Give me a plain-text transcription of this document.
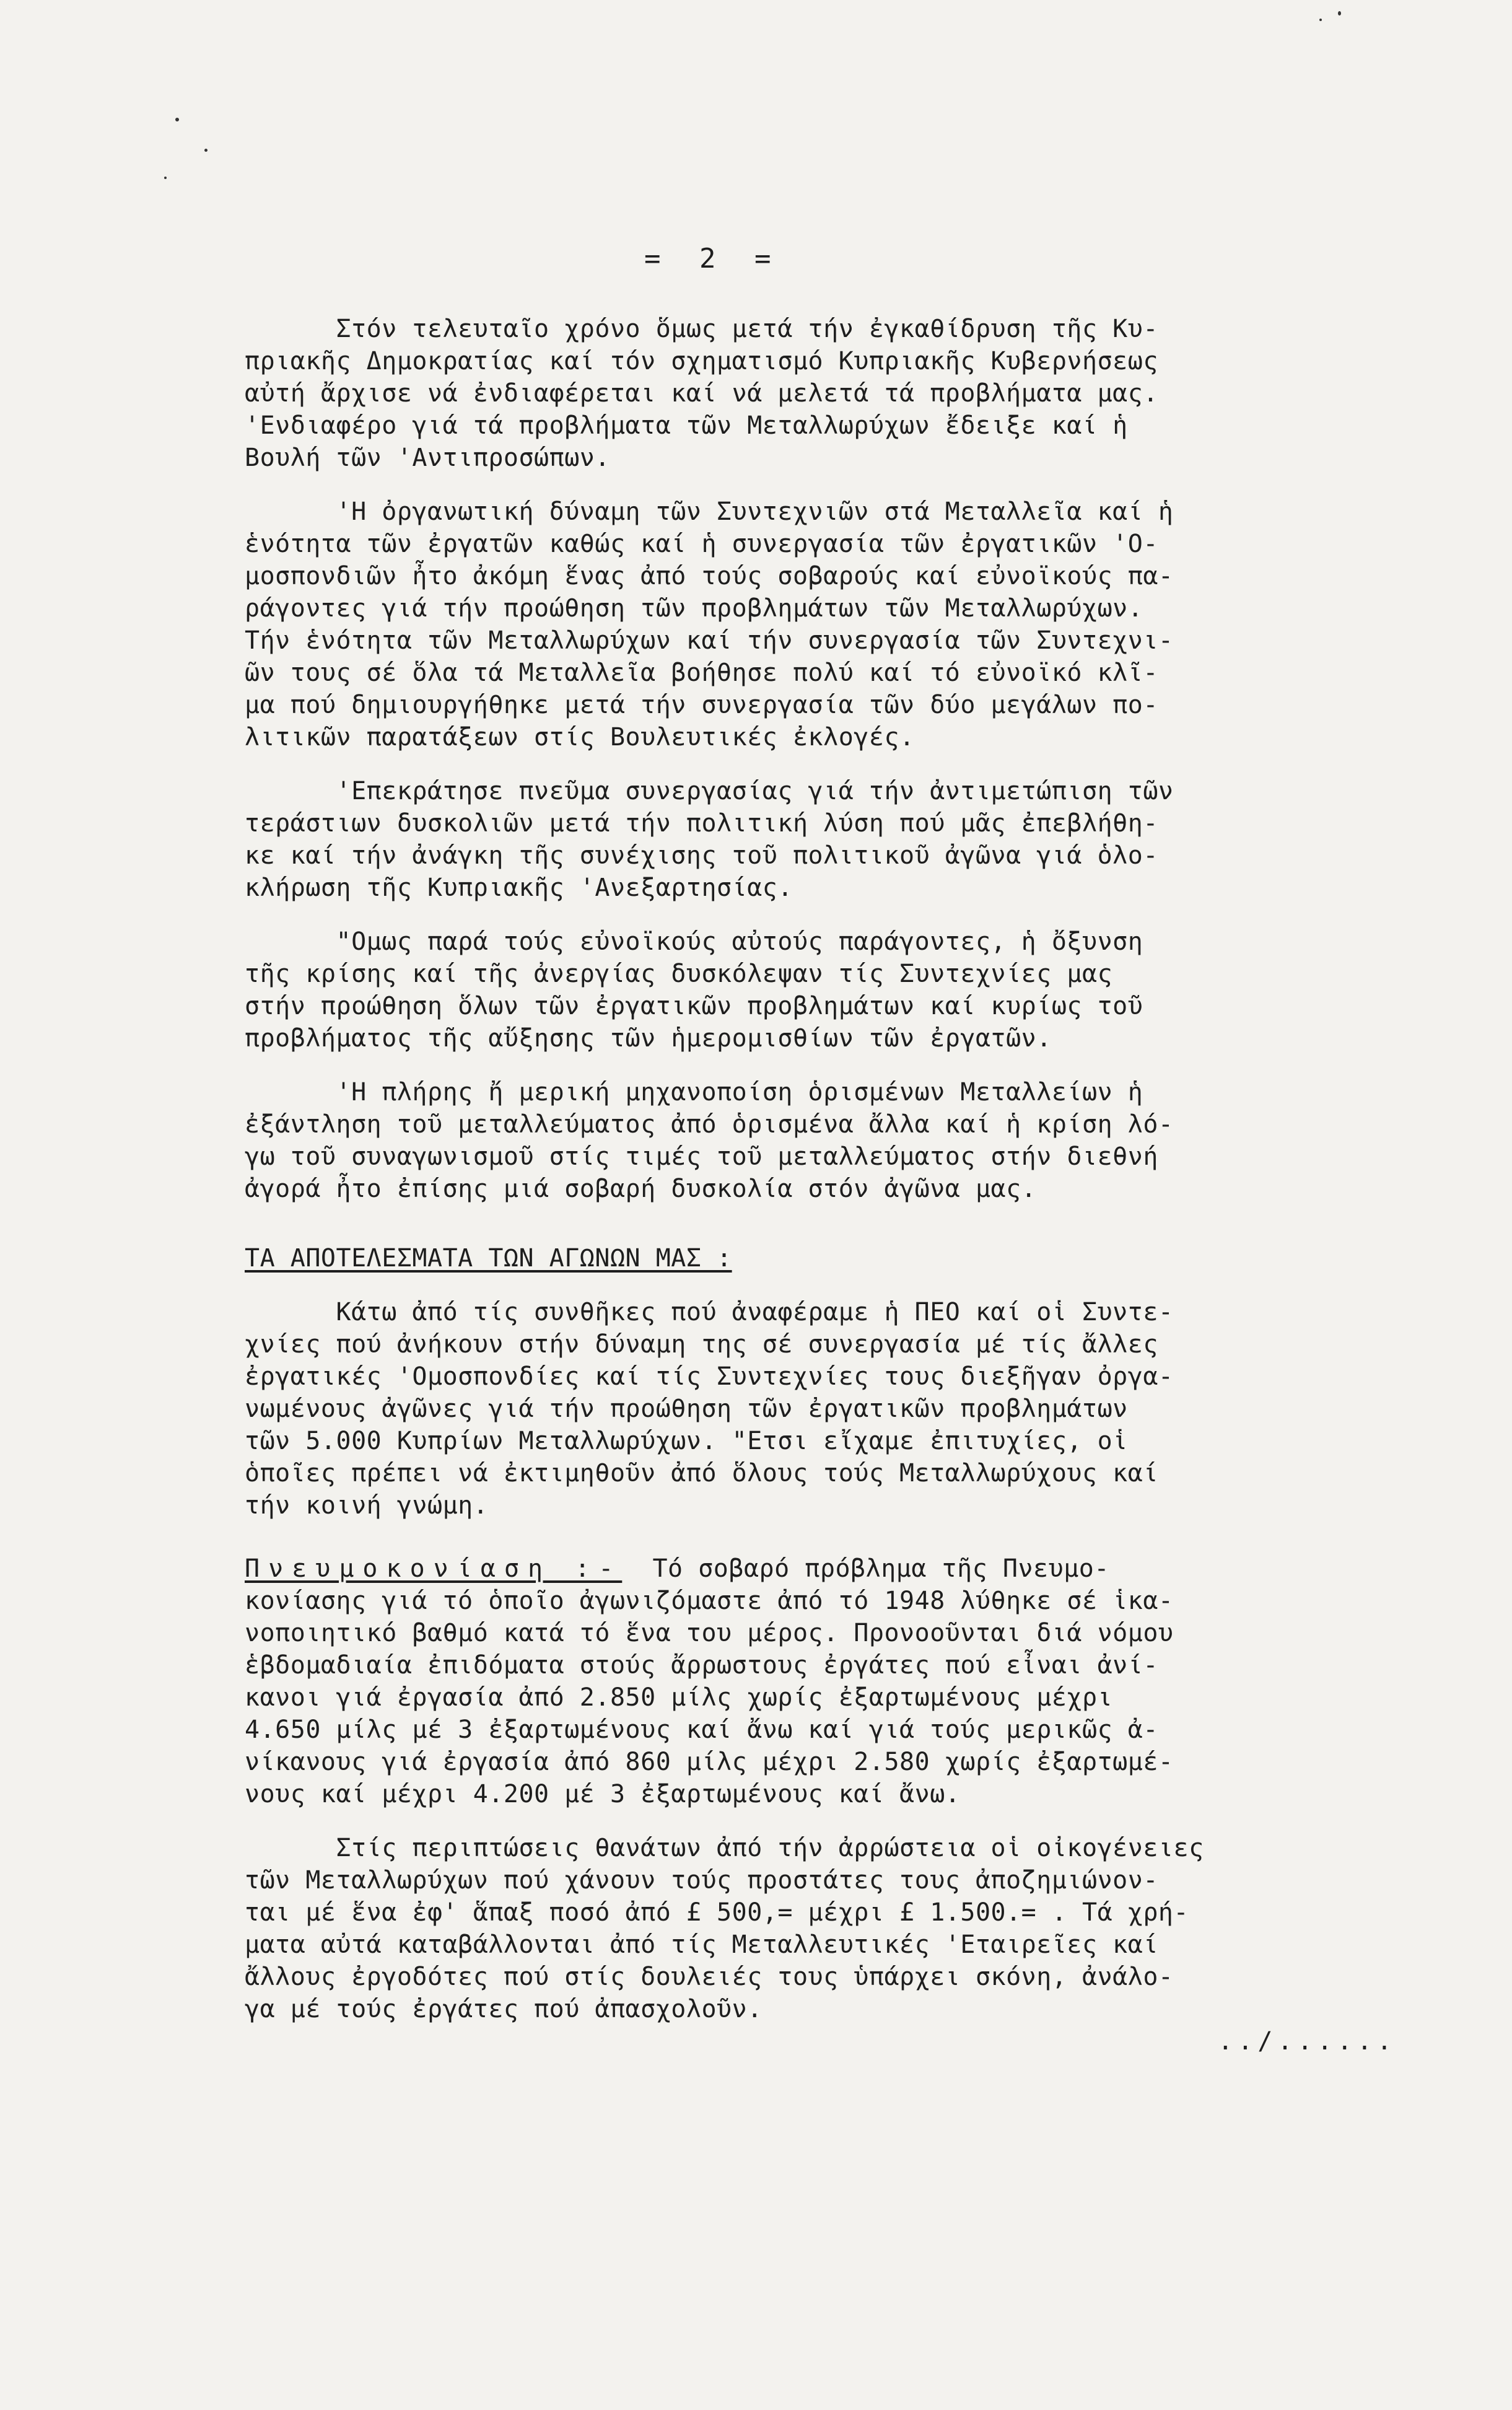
= 2 =
Στόν τελευταῖο χρόνο ὅμως μετά τήν ἐγκαθίδρυση τῆς Κυ-
πριακῆς Δημοκρατίας καί τόν σχηματισμό Κυπριακῆς Κυβερνήσεως
αὐτή ἄρχισε νά ἐνδιαφέρεται καί νά μελετά τά προβλήματα μας.
'Ενδιαφέρο γιά τά προβλήματα τῶν Μεταλλωρύχων ἔδειξε καί ἡ
Βουλή τῶν 'Αντιπροσώπων.
'Η ὀργανωτική δύναμη τῶν Συντεχνιῶν στά Μεταλλεῖα καί ἡ
ἑνότητα τῶν ἐργατῶν καθώς καί ἡ συνεργασία τῶν ἐργατικῶν 'Ο-
μοσπονδιῶν ἦτο ἀκόμη ἕνας ἀπό τούς σοβαρούς καί εὐνοϊκούς πα-
ράγοντες γιά τήν προώθηση τῶν προβλημάτων τῶν Μεταλλωρύχων.
Τήν ἑνότητα τῶν Μεταλλωρύχων καί τήν συνεργασία τῶν Συντεχνι-
ῶν τους σέ ὅλα τά Μεταλλεῖα βοήθησε πολύ καί τό εὐνοϊκό κλῖ-
μα πού δημιουργήθηκε μετά τήν συνεργασία τῶν δύο μεγάλων πο-
λιτικῶν παρατάξεων στίς Βουλευτικές ἐκλογές.
'Επεκράτησε πνεῦμα συνεργασίας γιά τήν ἀντιμετώπιση τῶν
τεράστιων δυσκολιῶν μετά τήν πολιτική λύση πού μᾶς ἐπεβλήθη-
κε καί τήν ἀνάγκη τῆς συνέχισης τοῦ πολιτικοῦ ἀγῶνα γιά ὁλο-
κλήρωση τῆς Κυπριακῆς 'Ανεξαρτησίας.
"Ομως παρά τούς εὐνοϊκούς αὐτούς παράγοντες, ἡ ὄξυνση
τῆς κρίσης καί τῆς ἀνεργίας δυσκόλεψαν τίς Συντεχνίες μας
στήν προώθηση ὅλων τῶν ἐργατικῶν προβλημάτων καί κυρίως τοῦ
προβλήματος τῆς αὔξησης τῶν ἡμερομισθίων τῶν ἐργατῶν.
'Η πλήρης ἤ μερική μηχανοποίση ὁρισμένων Μεταλλείων ἡ
ἐξάντληση τοῦ μεταλλεύματος ἀπό ὁρισμένα ἄλλα καί ἡ κρίση λό-
γω τοῦ συναγωνισμοῦ στίς τιμές τοῦ μεταλλεύματος στήν διεθνή
ἀγορά ἦτο ἐπίσης μιά σοβαρή δυσκολία στόν ἀγῶνα μας.
ΤΑ ΑΠΟΤΕΛΕΣΜΑΤΑ ΤΩΝ ΑΓΩΝΩΝ ΜΑΣ :
Κάτω ἀπό τίς συνθῆκες πού ἀναφέραμε ἡ ΠΕΟ καί οἱ Συντε-
χνίες πού ἀνήκουν στήν δύναμη της σέ συνεργασία μέ τίς ἄλλες
ἐργατικές 'Ομοσπονδίες καί τίς Συντεχνίες τους διεξῆγαν ὀργα-
νωμένους ἀγῶνες γιά τήν προώθηση τῶν ἐργατικῶν προβλημάτων
τῶν 5.000 Κυπρίων Μεταλλωρύχων. "Ετσι εἴχαμε ἐπιτυχίες, οἱ
ὁποῖες πρέπει νά ἐκτιμηθοῦν ἀπό ὅλους τούς Μεταλλωρύχους καί
τήν κοινή γνώμη.
Πνευμοκονίαση :-  Τό σοβαρό πρόβλημα τῆς Πνευμο-
κονίασης γιά τό ὁποῖο ἀγωνιζόμαστε ἀπό τό 1948 λύθηκε σέ ἱκα-
νοποιητικό βαθμό κατά τό ἕνα του μέρος. Προνοοῦνται διά νόμου
ἑβδομαδιαία ἐπιδόματα στούς ἄρρωστους ἐργάτες πού εἶναι ἀνί-
κανοι γιά ἐργασία ἀπό 2.850 μίλς χωρίς ἐξαρτωμένους μέχρι
4.650 μίλς μέ 3 ἐξαρτωμένους καί ἄνω καί γιά τούς μερικῶς ἀ-
νίκανους γιά ἐργασία ἀπό 860 μίλς μέχρι 2.580 χωρίς ἐξαρτωμέ-
νους καί μέχρι 4.200 μέ 3 ἐξαρτωμένους καί ἄνω.
Στίς περιπτώσεις θανάτων ἀπό τήν ἀρρώστεια οἱ οἰκογένειες
τῶν Μεταλλωρύχων πού χάνουν τούς προστάτες τους ἀποζημιώνον-
ται μέ ἕνα ἐφ' ἅπαξ ποσό ἀπό £ 500,= μέχρι £ 1.500.= . Τά χρή-
ματα αὐτά καταβάλλονται ἀπό τίς Μεταλλευτικές 'Εταιρεῖες καί
ἄλλους ἐργοδότες πού στίς δουλειές τους ὑπάρχει σκόνη, ἀνάλο-
γα μέ τούς ἐργάτες πού ἀπασχολοῦν.
../......
